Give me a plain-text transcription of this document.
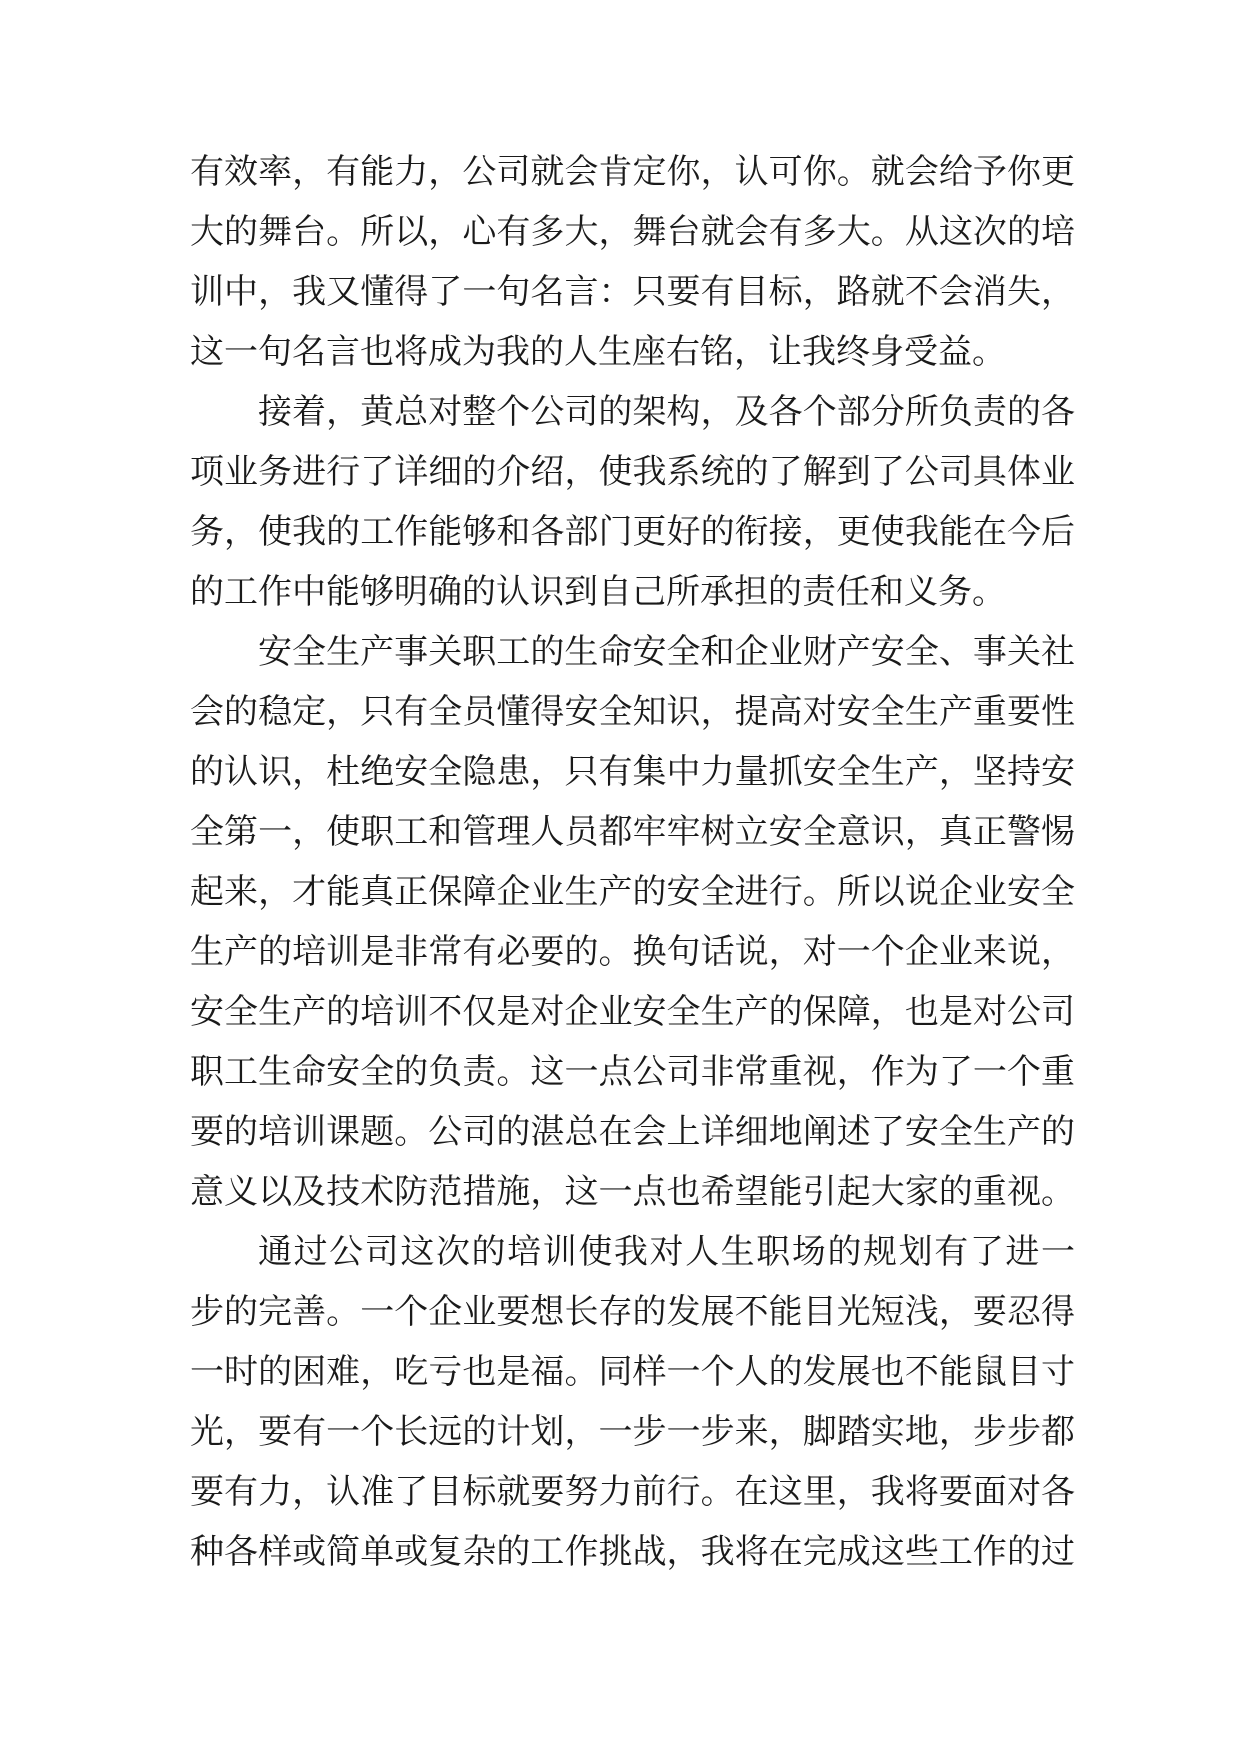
有效率，有能力，公司就会肯定你，认可你。就会给予你更
大的舞台。所以，心有多大，舞台就会有多大。从这次的培
训中，我又懂得了一句名言：只要有目标，路就不会消失，
这一句名言也将成为我的人生座右铭，让我终身受益。
接着，黄总对整个公司的架构，及各个部分所负责的各
项业务进行了详细的介绍，使我系统的了解到了公司具体业
务，使我的工作能够和各部门更好的衔接，更使我能在今后
的工作中能够明确的认识到自己所承担的责任和义务。
安全生产事关职工的生命安全和企业财产安全、事关社
会的稳定，只有全员懂得安全知识，提高对安全生产重要性
的认识，杜绝安全隐患，只有集中力量抓安全生产，坚持安
全第一，使职工和管理人员都牢牢树立安全意识，真正警惕
起来，才能真正保障企业生产的安全进行。所以说企业安全
生产的培训是非常有必要的。换句话说，对一个企业来说，
安全生产的培训不仅是对企业安全生产的保障，也是对公司
职工生命安全的负责。这一点公司非常重视，作为了一个重
要的培训课题。公司的湛总在会上详细地阐述了安全生产的
意义以及技术防范措施，这一点也希望能引起大家的重视。
通过公司这次的培训使我对人生职场的规划有了进一
步的完善。一个企业要想长存的发展不能目光短浅，要忍得
一时的困难，吃亏也是福。同样一个人的发展也不能鼠目寸
光，要有一个长远的计划，一步一步来，脚踏实地，步步都
要有力，认准了目标就要努力前行。在这里，我将要面对各
种各样或简单或复杂的工作挑战，我将在完成这些工作的过
